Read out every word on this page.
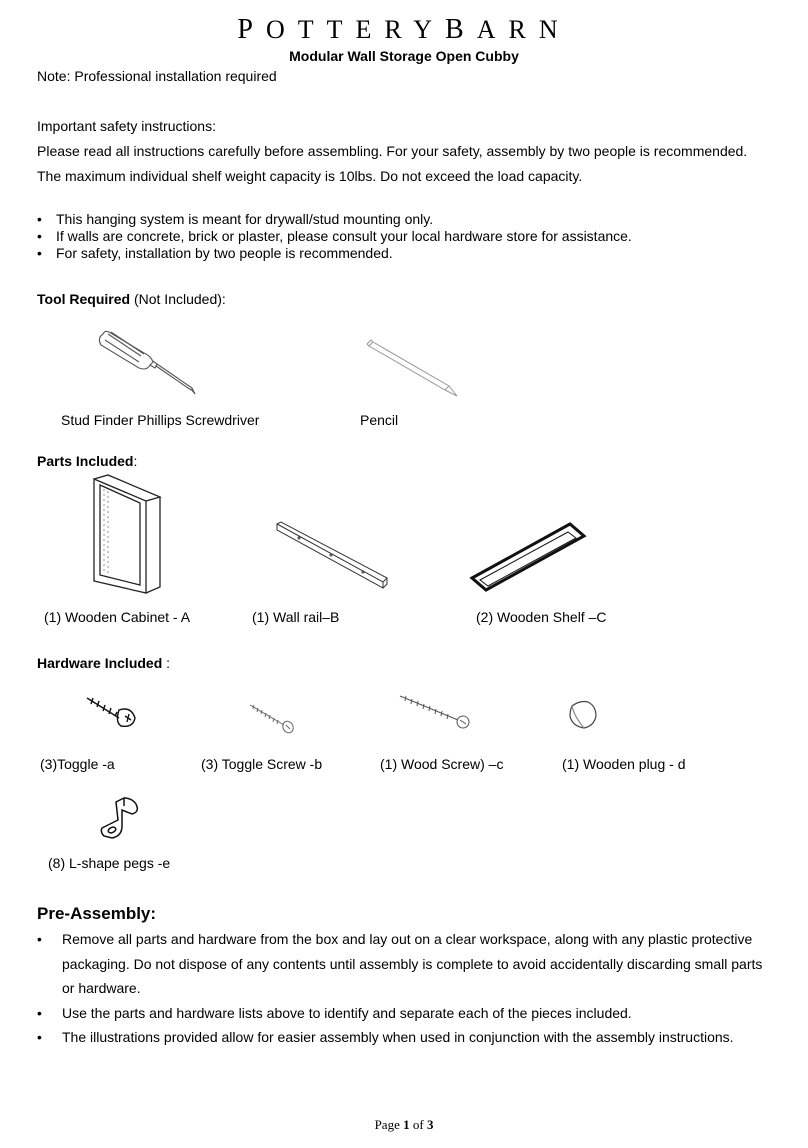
POTTERYBARN
Modular Wall Storage Open Cubby
Note: Professional installation required
Important safety instructions:
Please read all instructions carefully before assembling. For your safety, assembly by two people is recommended.
The maximum individual shelf weight capacity is 10lbs. Do not exceed the load capacity.
• This hanging system is meant for drywall/stud mounting only.
• If walls are concrete, brick or plaster, please consult your local hardware store for assistance.
• For safety, installation by two people is recommended.
Tool Required (Not Included):
Stud Finder Phillips Screwdriver	Pencil
Parts Included:
(1) Wooden Cabinet - A	(1) Wall rail–B	(2) Wooden Shelf –C
Hardware Included :
(3)Toggle -a	(3) Toggle Screw -b	(1) Wood Screw) –c	(1) Wooden plug - d
(8) L-shape pegs -e
Pre-Assembly:
• Remove all parts and hardware from the box and lay out on a clear workspace, along with any plastic protective packaging. Do not dispose of any contents until assembly is complete to avoid accidentally discarding small parts or hardware.
• Use the parts and hardware lists above to identify and separate each of the pieces included.
• The illustrations provided allow for easier assembly when used in conjunction with the assembly instructions.
Page 1 of 3
